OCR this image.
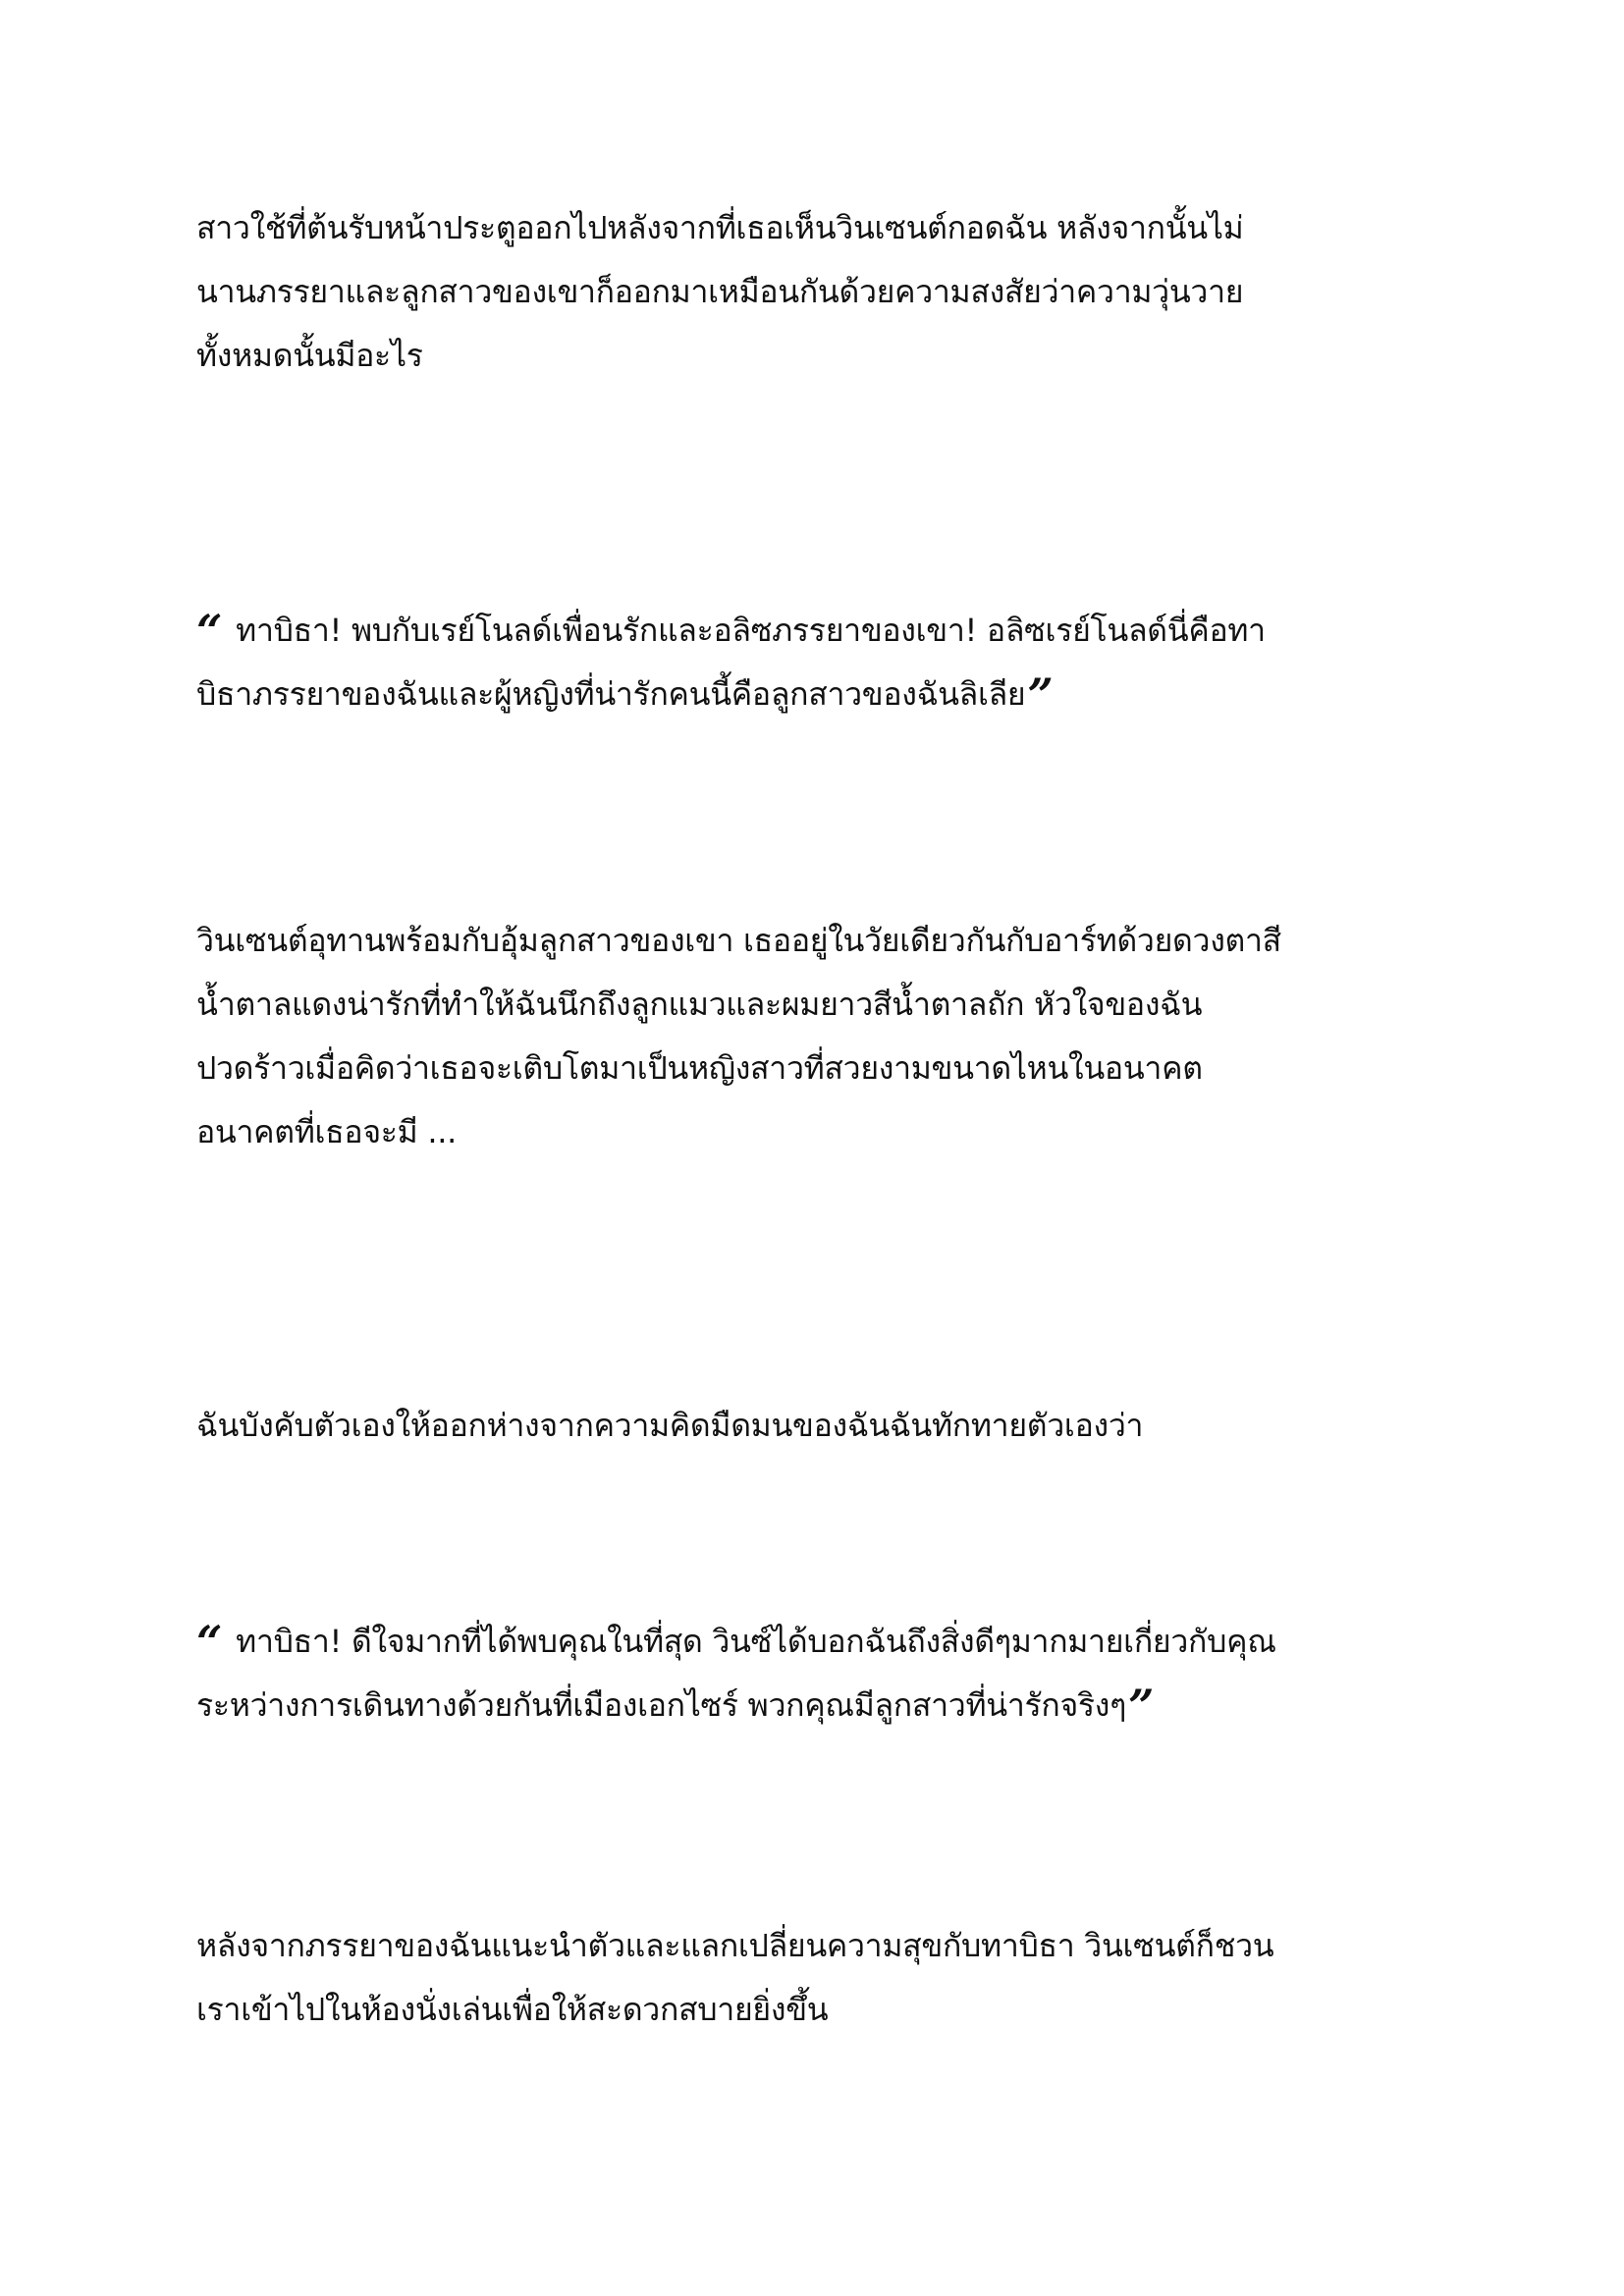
สาวใช้ที่ต้นรับหน้าประตูออกไปหลังจากที่เธอเห็นวินเซนต์กอดฉัน หลังจากนั้นไม่
นานภรรยาและลูกสาวของเขาก็ออกมาเหมือนกันด้วยความสงสัยว่าความวุ่นวาย
ทั้งหมดนั้นมีอะไร
“ ทาบิธา! พบกับเรย์โนลด์เพื่อนรักและอลิซภรรยาของเขา! อลิซเรย์โนลด์นี่คือทา
บิธาภรรยาของฉันและผู้หญิงที่น่ารักคนนี้คือลูกสาวของฉันลิเลีย”
วินเซนต์อุทานพร้อมกับอุ้มลูกสาวของเขา เธออยู่ในวัยเดียวกันกับอาร์ทด้วยดวงตาสี
น้ำตาลแดงน่ารักที่ทำให้ฉันนึกถึงลูกแมวและผมยาวสีน้ำตาลถัก หัวใจของฉัน
ปวดร้าวเมื่อคิดว่าเธอจะเติบโตมาเป็นหญิงสาวที่สวยงามขนาดไหนในอนาคต
อนาคตที่เธอจะมี ...
ฉันบังคับตัวเองให้ออกห่างจากความคิดมืดมนของฉันฉันทักทายตัวเองว่า
“ ทาบิธา! ดีใจมากที่ได้พบคุณในที่สุด วินซ์ได้บอกฉันถึงสิ่งดีๆมากมายเกี่ยวกับคุณ
ระหว่างการเดินทางด้วยกันที่เมืองเอกไซร์ พวกคุณมีลูกสาวที่น่ารักจริงๆ”
หลังจากภรรยาของฉันแนะนำตัวและแลกเปลี่ยนความสุขกับทาบิธา วินเซนต์ก็ชวน
เราเข้าไปในห้องนั่งเล่นเพื่อให้สะดวกสบายยิ่งขึ้น
